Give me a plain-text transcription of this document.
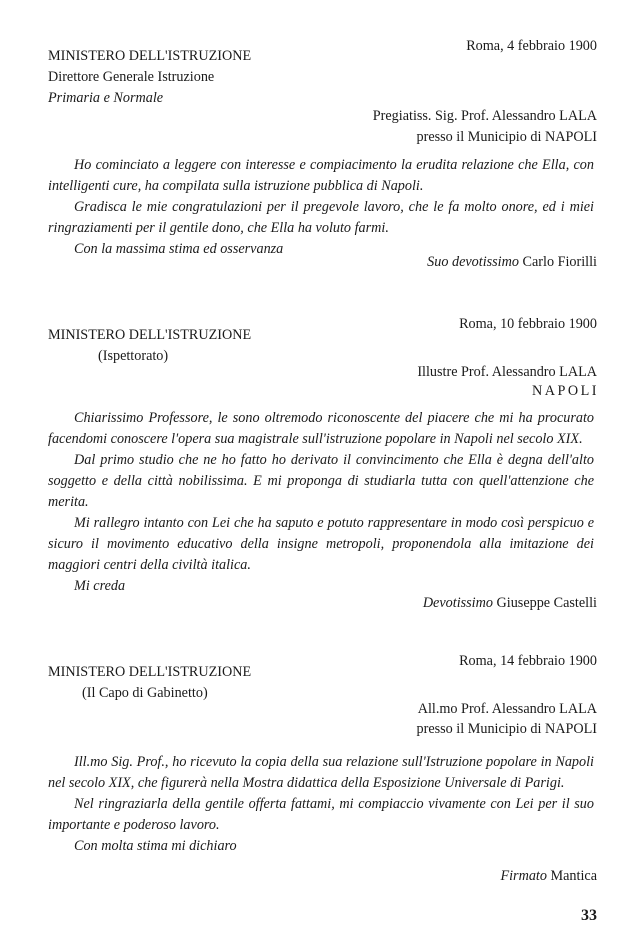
Roma, 4 febbraio 1900
MINISTERO DELL'ISTRUZIONE
Direttore Generale Istruzione
Primaria e Normale
Pregiatiss. Sig. Prof. Alessandro LALA
presso il Municipio di NAPOLI

Ho cominciato a leggere con interesse e compiacimento la erudita relazione che Ella, con intelligenti cure, ha compilata sulla istruzione pubblica di Napoli.

Gradisca le mie congratulazioni per il pregevole lavoro, che le fa molto onore, ed i miei ringraziamenti per il gentile dono, che Ella ha voluto farmi.

Con la massima stima ed osservanza

Suo devotissimo Carlo Fiorilli
Roma, 10 febbraio 1900
MINISTERO DELL'ISTRUZIONE
(Ispettorato)
Illustre Prof. Alessandro LALA
NAPOLI

Chiarissimo Professore, le sono oltremodo riconoscente del piacere che mi ha procurato facendomi conoscere l'opera sua magistrale sull'istruzione popolare in Napoli nel secolo XIX.

Dal primo studio che ne ho fatto ho derivato il convincimento che Ella è degna dell'alto soggetto e della città nobilissima. E mi proponga di studiarla tutta con quell'attenzione che merita.

Mi rallegro intanto con Lei che ha saputo e potuto rappresentare in modo così perspicuo e sicuro il movimento educativo della insigne metropoli, proponendola alla imitazione dei maggiori centri della civiltà italica.

Mi creda

Devotissimo Giuseppe Castelli
Roma, 14 febbraio 1900
MINISTERO DELL'ISTRUZIONE
(Il Capo di Gabinetto)
All.mo Prof. Alessandro LALA
presso il Municipio di NAPOLI

Ill.mo Sig. Prof., ho ricevuto la copia della sua relazione sull'Istruzione popolare in Napoli nel secolo XIX, che figurerà nella Mostra didattica della Esposizione Universale di Parigi.

Nel ringraziarla della gentile offerta fattami, mi compiaccio vivamente con Lei per il suo importante e poderoso lavoro.

Con molta stima mi dichiaro

Firmato Mantica
33
